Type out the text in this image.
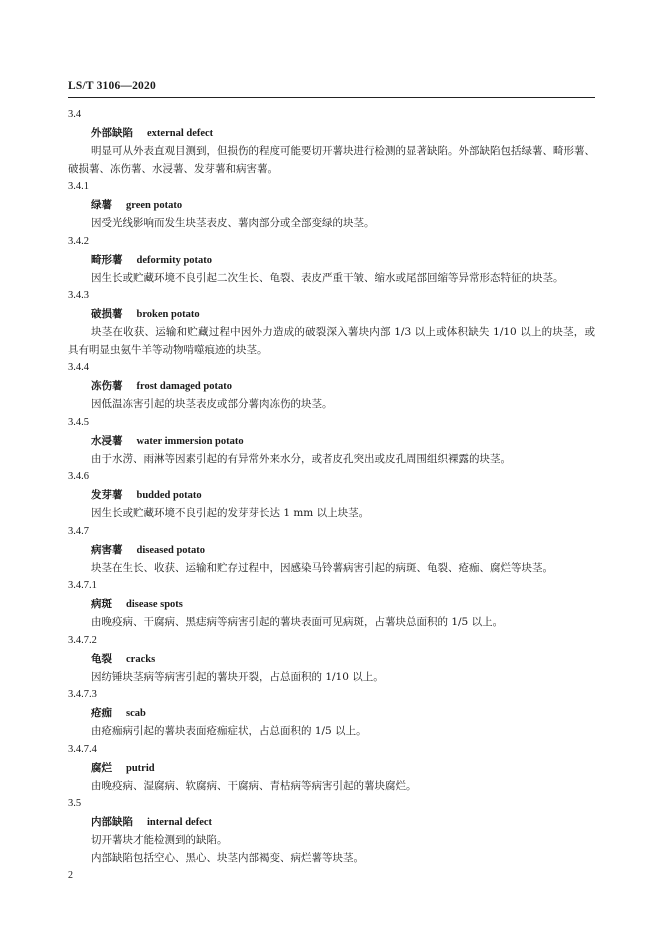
LS/T 3106—2020
3.4
外部缺陷 external defect

明显可从外表直观目测到，但损伤的程度可能要切开薯块进行检测的显著缺陷。外部缺陷包括绿薯、畸形薯、破损薯、冻伤薯、水浸薯、发芽薯和病害薯。

3.4.1
绿薯 green potato

因受光线影响而发生块茎表皮、薯肉部分或全部变绿的块茎。

3.4.2
畸形薯 deformity potato

因生长或贮藏环境不良引起二次生长、龟裂、表皮严重干皱、缩水或尾部回缩等异常形态特征的块茎。

3.4.3
破损薯 broken potato

块茎在收获、运输和贮藏过程中因外力造成的破裂深入薯块内部 1/3 以上或体积缺失 1/10 以上的块茎，或具有明显虫氨牛羊等动物啃噬痕迹的块茎。

3.4.4
冻伤薯 frost damaged potato

因低温冻害引起的块茎表皮或部分薯肉冻伤的块茎。

3.4.5
水浸薯 water immersion potato

由于水涝、雨淋等因素引起的有异常外来水分，或者皮孔突出或皮孔周围组织裸露的块茎。

3.4.6
发芽薯 budded potato

因生长或贮藏环境不良引起的发芽芽长达 1 mm 以上块茎。

3.4.7
病害薯 diseased potato

块茎在生长、收获、运输和贮存过程中，因感染马铃薯病害引起的病斑、龟裂、疮痂、腐烂等块茎。

3.4.7.1
病斑 disease spots

由晚疫病、干腐病、黑痣病等病害引起的薯块表面可见病斑，占薯块总面积的 1/5 以上。

3.4.7.2
龟裂 cracks

因纺锤块茎病等病害引起的薯块开裂，占总面积的 1/10 以上。

3.4.7.3
疮痂 scab

由疮痂病引起的薯块表面疮痂症状，占总面积的 1/5 以上。

3.4.7.4
腐烂 putrid

由晚疫病、湿腐病、软腐病、干腐病、青枯病等病害引起的薯块腐烂。

3.5
内部缺陷 internal defect

切开薯块才能检测到的缺陷。

内部缺陷包括空心、黑心、块茎内部褐变、病烂薯等块茎。

2
